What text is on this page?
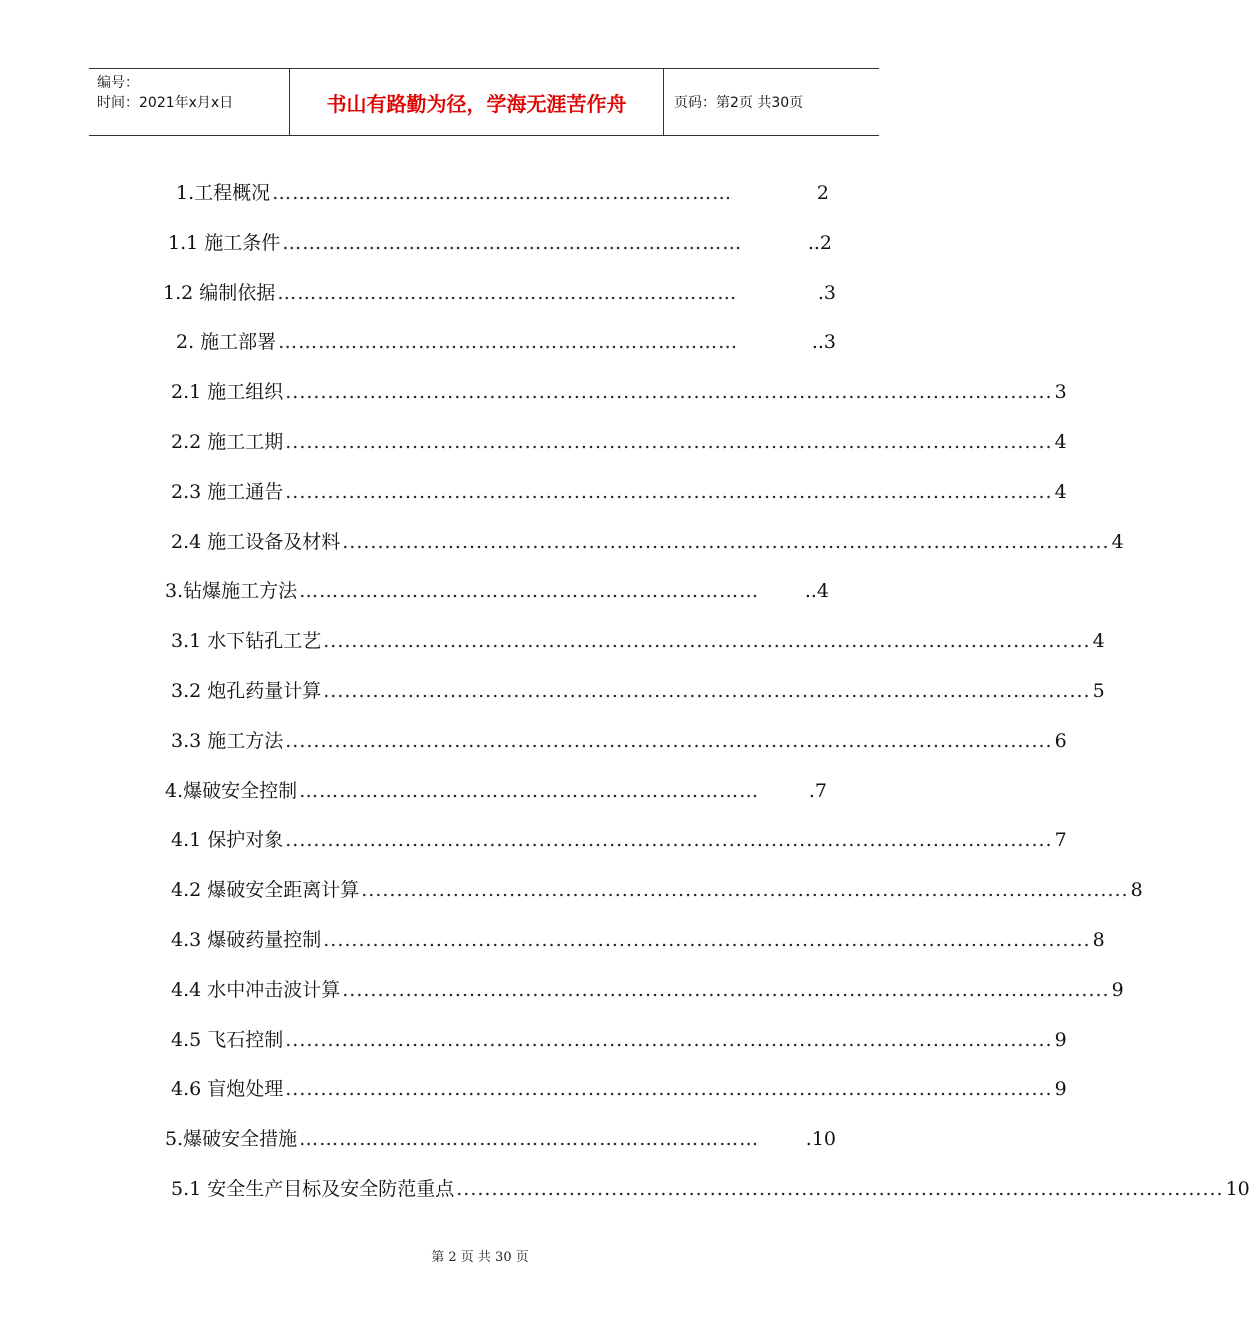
编号：
时间：2021年x月x日	书山有路勤为径，学海无涯苦作舟	页码：第2页 共30页
1.工程概况 ……………………………………………………………	2
1.1 施工条件 ……………………………………………………………	..2
1.2 编制依据 ……………………………………………………………	.3
2. 施工部署 ……………………………………………………………	..3
2.1 施工组织 ............................................................................................................. 3
2.2 施工工期 ............................................................................................................. 4
2.3 施工通告 ............................................................................................................. 4
2.4 施工设备及材料 ............................................................................................................. 4
3.钻爆施工方法 ……………………………………………………………	..4
3.1 水下钻孔工艺 ............................................................................................................. 4
3.2 炮孔药量计算 ............................................................................................................. 5
3.3 施工方法 ............................................................................................................. 6
4.爆破安全控制 ……………………………………………………………	.7
4.1 保护对象 ............................................................................................................. 7
4.2 爆破安全距离计算 ............................................................................................................. 8
4.3 爆破药量控制 ............................................................................................................. 8
4.4 水中冲击波计算 ............................................................................................................. 9
4.5 飞石控制 ............................................................................................................. 9
4.6 盲炮处理 ............................................................................................................. 9
5.爆破安全措施 ……………………………………………………………	.10
5.1 安全生产目标及安全防范重点 ............................................................................................................. 10
第 2 页 共 30 页
